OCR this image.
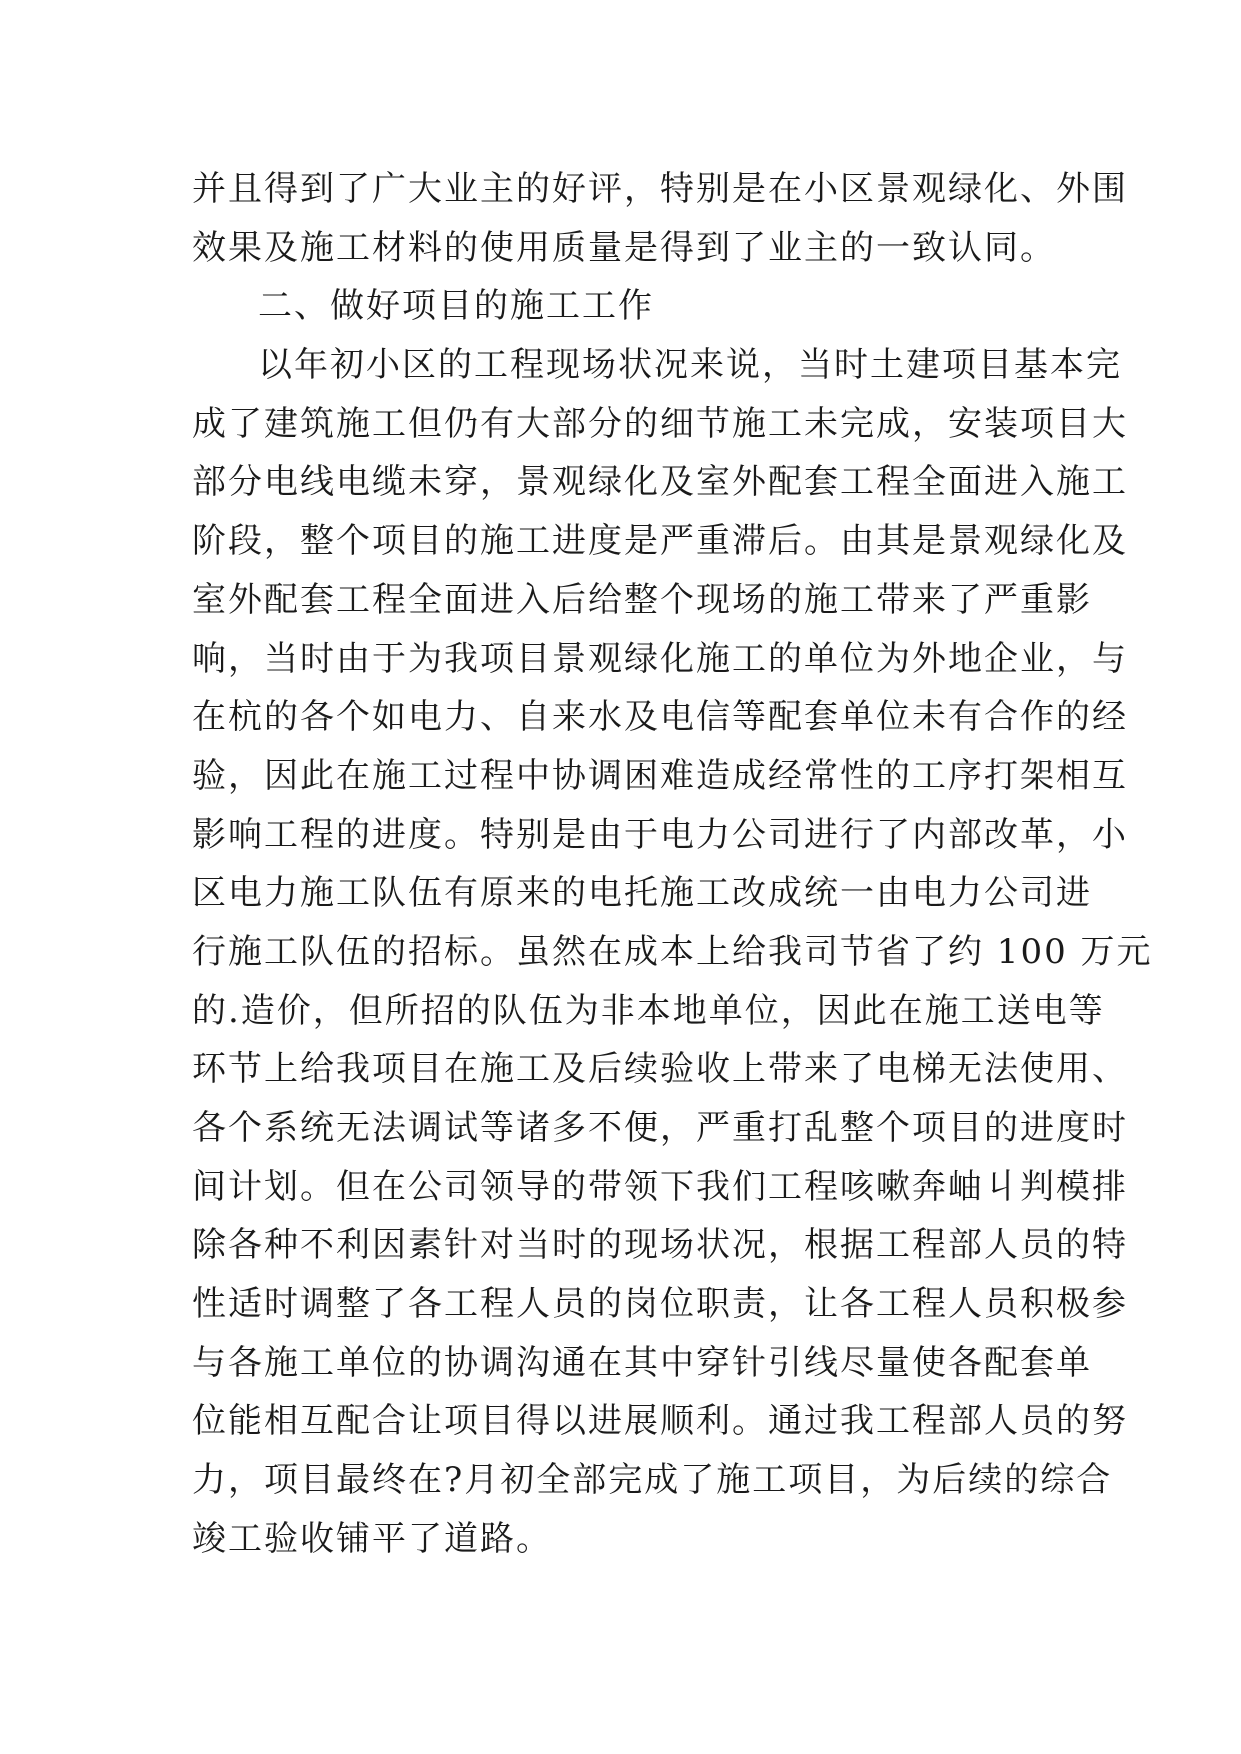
并且得到了广大业主的好评，特别是在小区景观绿化、外围
效果及施工材料的使用质量是得到了业主的一致认同。
二、做好项目的施工工作
以年初小区的工程现场状况来说，当时土建项目基本完
成了建筑施工但仍有大部分的细节施工未完成，安装项目大
部分电线电缆未穿，景观绿化及室外配套工程全面进入施工
阶段，整个项目的施工进度是严重滞后。由其是景观绿化及
室外配套工程全面进入后给整个现场的施工带来了严重影
响，当时由于为我项目景观绿化施工的单位为外地企业，与
在杭的各个如电力、自来水及电信等配套单位未有合作的经
验，因此在施工过程中协调困难造成经常性的工序打架相互
影响工程的进度。特别是由于电力公司进行了内部改革，小
区电力施工队伍有原来的电托施工改成统一由电力公司进
行施工队伍的招标。虽然在成本上给我司节省了约 100 万元
的.造价，但所招的队伍为非本地单位，因此在施工送电等
环节上给我项目在施工及后续验收上带来了电梯无法使用、
各个系统无法调试等诸多不便，严重打乱整个项目的进度时
间计划。但在公司领导的带领下我们工程咳嗽奔岫丩判模排
除各种不利因素针对当时的现场状况，根据工程部人员的特
性适时调整了各工程人员的岗位职责，让各工程人员积极参
与各施工单位的协调沟通在其中穿针引线尽量使各配套单
位能相互配合让项目得以进展顺利。通过我工程部人员的努
力，项目最终在?月初全部完成了施工项目，为后续的综合
竣工验收铺平了道路。
